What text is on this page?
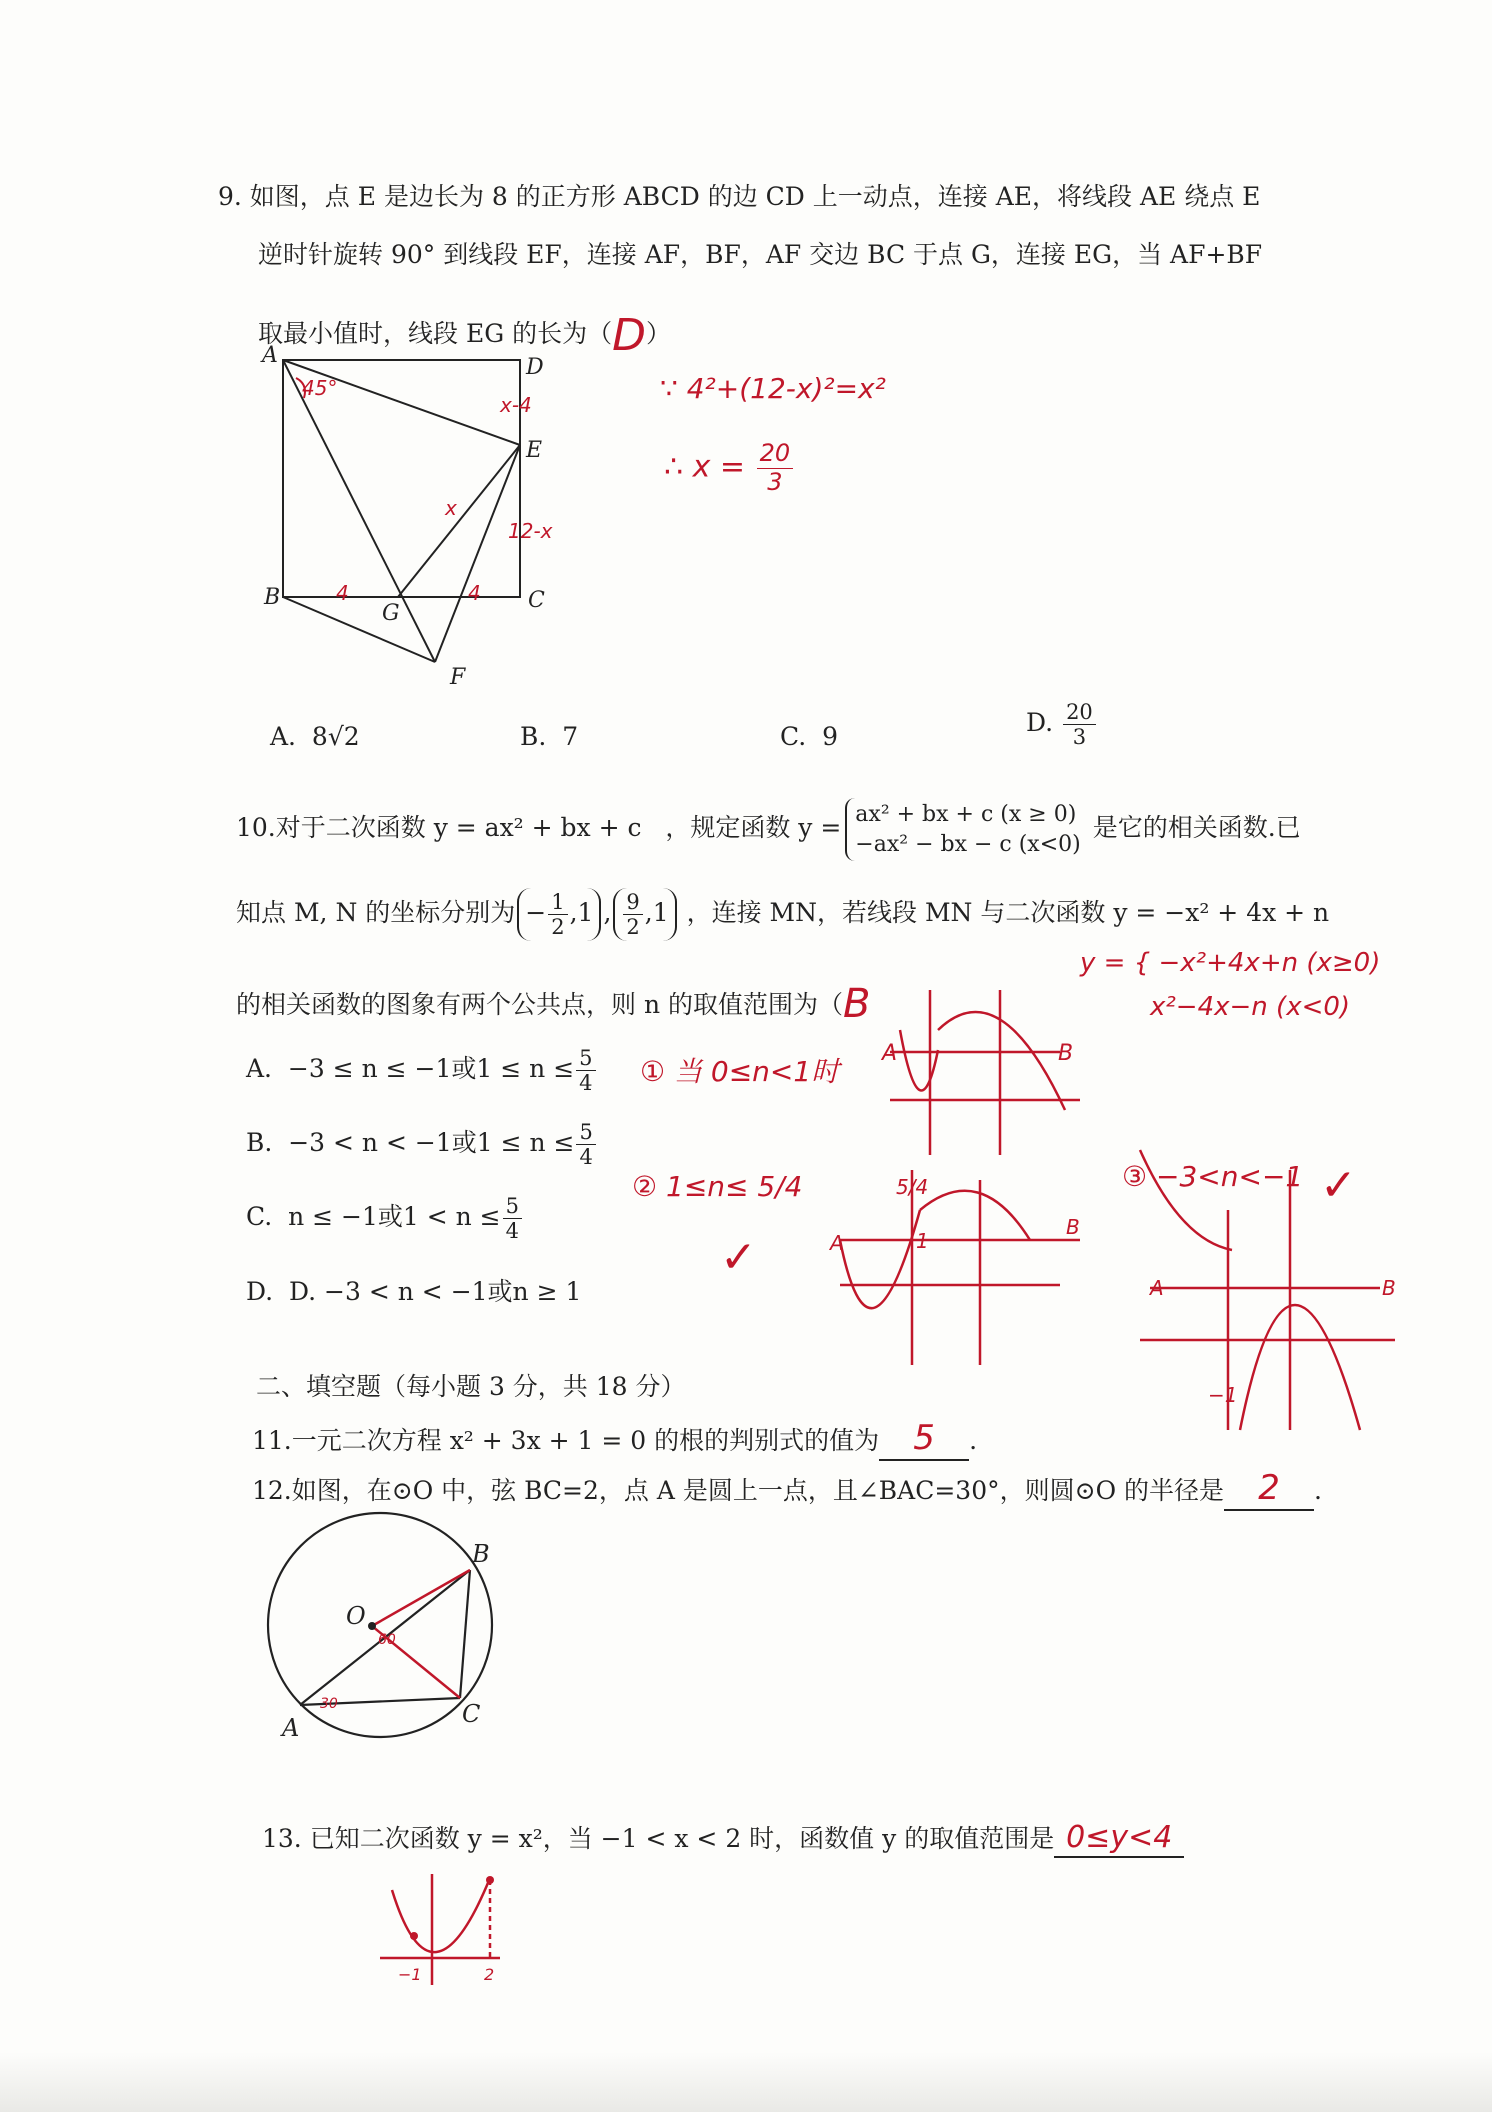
9. 如图，点 E 是边长为 8 的正方形 ABCD 的边 CD 上一动点，连接 AE，将线段 AE 绕点 E
逆时针旋转 90° 到线段 EF，连接 AF，BF，AF 交边 BC 于点 G，连接 EG，当 AF+BF
取最小值时，线段 EG 的长为（D）
A	D
E
B	C
G
F
45°
x-4
12-x
x
4	4
∵ 4²+(12-x)²=x²
∴ $x = \frac{20}{3}$
A. 8√2	B. 7	C. 9	D. $\frac{20}{3}$
10.对于二次函数 y = ax² + bx + c ，规定函数 y = ax² + bx + c (x ≥ 0)
−ax² − bx − c (x<0)
是它的相关函数.已
知点 M, N 的坐标分别为 − $\frac{1}{2} ,1$ , $\frac{9}{2} ,1$ ，连接 MN，若线段 MN 与二次函数 y = −x² + 4x + n
的相关函数的图象有两个公共点，则 n 的取值范围为（B
A. −3 ≤ n ≤ −1或$1 \le n \le \frac{5}{4}$
B. −3 < n < −1或$1 \le n \le \frac{5}{4}$
C. n ≤ −1或$1 < n \le \frac{5}{4}$
D. D. −3 < n < −1或n ≥ 1
y = { −x²+4x+n (x≥0)
x²−4x−n (x<0)
① 当 0≤n<1时
② 1≤n≤ 5/4	③ −3<n<−1
✓
✓
A	B
A
B
5/4
1
A	B
−1
二、填空题（每小题 3 分，共 18 分）
11.一元二次方程 x² + 3x + 1 = 0 的根的判别式的值为 5 .
12.如图，在⊙O 中，弦 BC=2，点 A 是圆上一点，且∠BAC=30°，则圆⊙O 的半径是 2 .
O
B
C
A
60
30
13. 已知二次函数 y = x²，当 −1 < x < 2 时，函数值 y 的取值范围是 0≤y<4
−1	2
